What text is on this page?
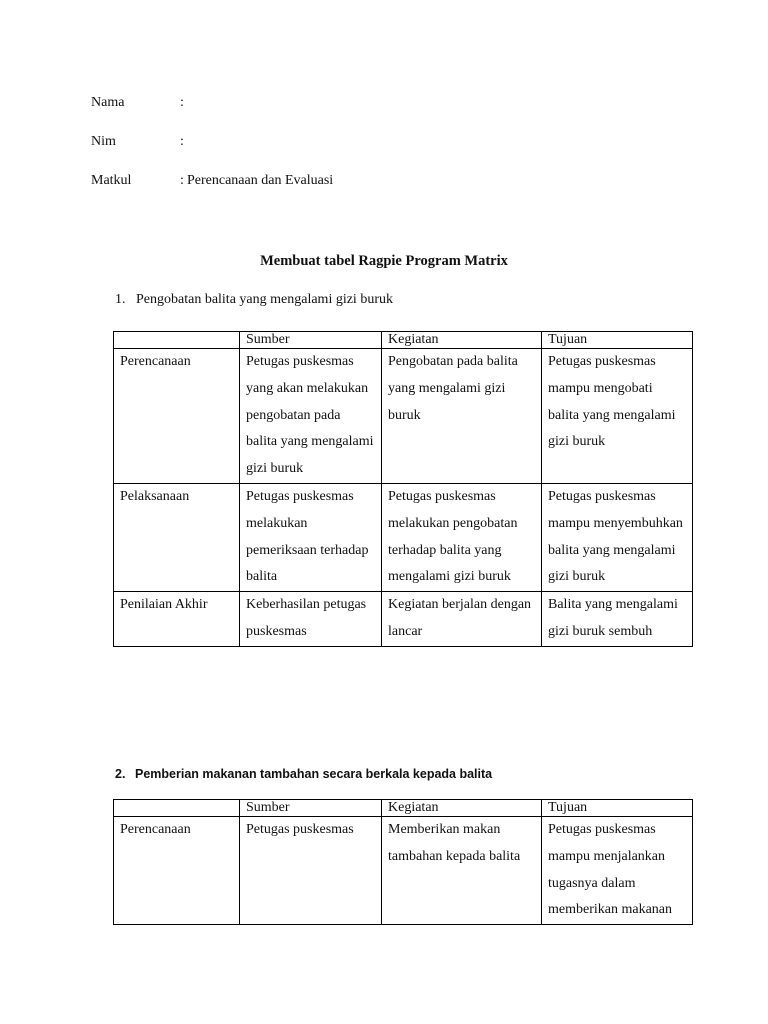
Nama	:
Nim	:
Matkul	: Perencanaan dan Evaluasi
Membuat tabel Ragpie Program Matrix
1. Pengobatan balita yang mengalami gizi buruk
	Sumber	Kegiatan	Tujuan
Perencanaan	Petugas puskesmas yang akan melakukan pengobatan pada balita yang mengalami gizi buruk	Pengobatan pada balita yang mengalami gizi buruk	Petugas puskesmas mampu mengobati balita yang mengalami gizi buruk
Pelaksanaan	Petugas puskesmas melakukan pemeriksaan terhadap balita	Petugas puskesmas melakukan pengobatan terhadap balita yang mengalami gizi buruk	Petugas puskesmas mampu menyembuhkan balita yang mengalami gizi buruk
Penilaian Akhir	Keberhasilan petugas puskesmas	Kegiatan berjalan dengan lancar	Balita yang mengalami gizi buruk sembuh
2. Pemberian makanan tambahan secara berkala kepada balita
	Sumber	Kegiatan	Tujuan
Perencanaan	Petugas puskesmas	Memberikan makan tambahan kepada balita	Petugas puskesmas mampu menjalankan tugasnya dalam memberikan makanan
